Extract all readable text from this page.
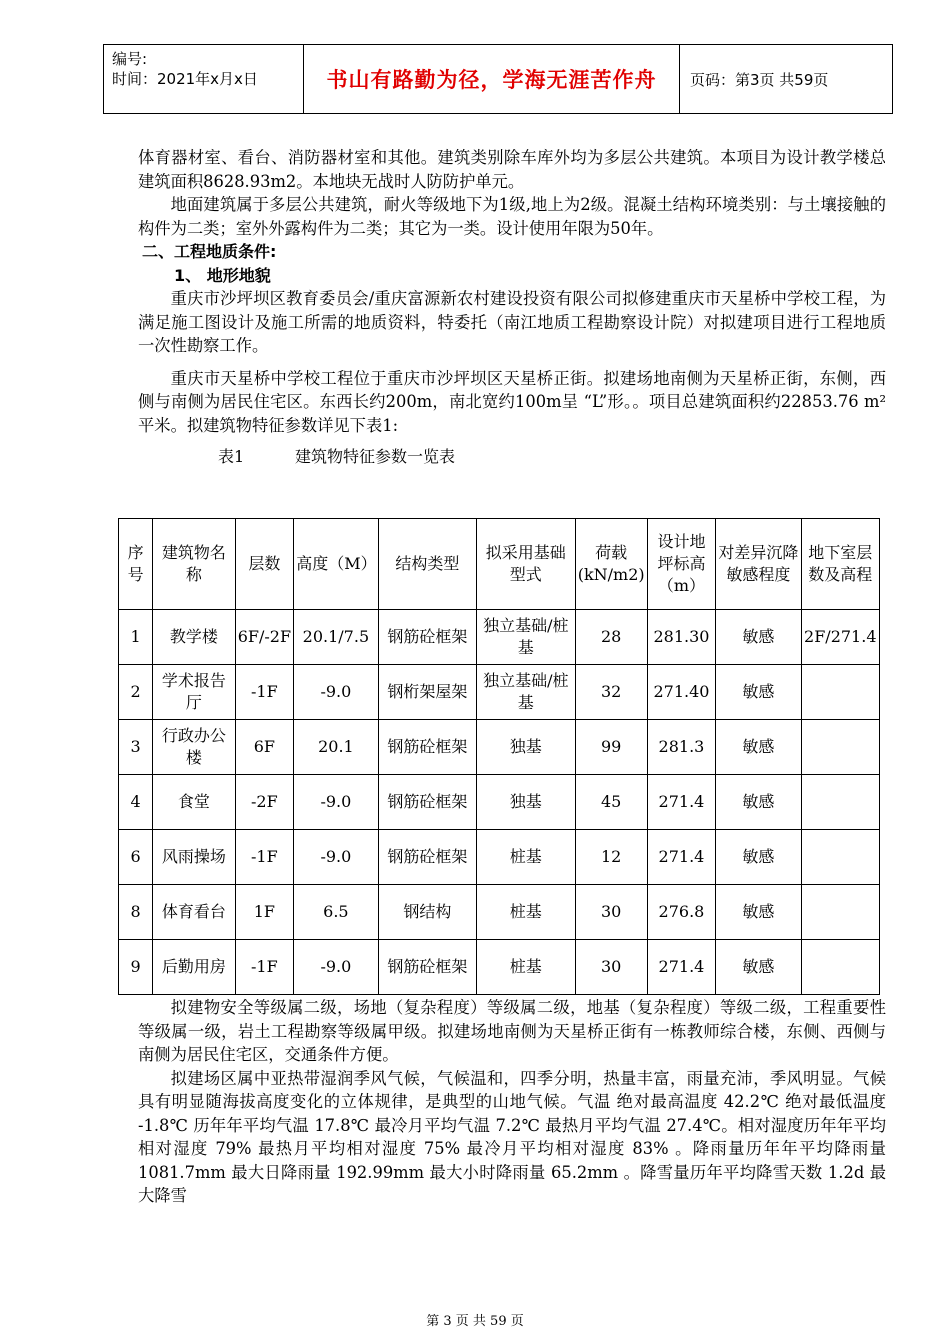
编号:
时间：2021年x月x日	书山有路勤为径，学海无涯苦作舟	页码：第3页 共59页

体育器材室、看台、消防器材室和其他。建筑类别除车库外均为多层公共建筑。本项目为设计教学楼总建筑面积8628.93m2。本地块无战时人防防护单元。

地面建筑属于多层公共建筑，耐火等级地下为1级,地上为2级。混凝土结构环境类别：与土壤接触的构件为二类；室外外露构件为二类；其它为一类。设计使用年限为50年。

二、工程地质条件:

1、 地形地貌

重庆市沙坪坝区教育委员会/重庆富源新农村建设投资有限公司拟修建重庆市天星桥中学校工程，为满足施工图设计及施工所需的地质资料，特委托（南江地质工程勘察设计院）对拟建项目进行工程地质一次性勘察工作。

重庆市天星桥中学校工程位于重庆市沙坪坝区天星桥正街。拟建场地南侧为天星桥正街，东侧，西侧与南侧为居民住宅区。东西长约200m，南北宽约100m呈 “L”形。。项目总建筑面积约22853.76 m²平米。拟建筑物特征参数详见下表1:

表1          建筑物特征参数一览表

序号	建筑物名称	层数	高度（M）	结构类型	拟采用基础型式	荷载(kN/m2)	设计地坪标高（m）	对差异沉降敏感程度	地下室层数及高程
1	教学楼	6F/-2F	20.1/7.5	钢筋砼框架	独立基础/桩基	28	281.30	敏感	2F/271.4
2	学术报告厅	-1F	-9.0	钢桁架屋架	独立基础/桩基	32	271.40	敏感	
3	行政办公楼	6F	20.1	钢筋砼框架	独基	99	281.3	敏感	
4	食堂	-2F	-9.0	钢筋砼框架	独基	45	271.4	敏感	
6	风雨操场	-1F	-9.0	钢筋砼框架	桩基	12	271.4	敏感	
8	体育看台	1F	6.5	钢结构	桩基	30	276.8	敏感	
9	后勤用房	-1F	-9.0	钢筋砼框架	桩基	30	271.4	敏感	

拟建物安全等级属二级，场地（复杂程度）等级属二级，地基（复杂程度）等级二级，工程重要性等级属一级，岩土工程勘察等级属甲级。拟建场地南侧为天星桥正街有一栋教师综合楼，东侧、西侧与南侧为居民住宅区，交通条件方便。

拟建场区属中亚热带湿润季风气候，气候温和，四季分明，热量丰富，雨量充沛，季风明显。气候具有明显随海拔高度变化的立体规律，是典型的山地气候。气温 绝对最高温度 42.2℃ 绝对最低温度 -1.8℃ 历年年平均气温 17.8℃ 最冷月平均气温 7.2℃ 最热月平均气温 27.4℃。相对湿度历年年平均相对湿度 79% 最热月平均相对湿度 75% 最冷月平均相对湿度 83% 。降雨量历年年平均降雨量 1081.7mm 最大日降雨量 192.99mm 最大小时降雨量 65.2mm 。降雪量历年平均降雪天数 1.2d 最大降雪

第 3 页 共 59 页
